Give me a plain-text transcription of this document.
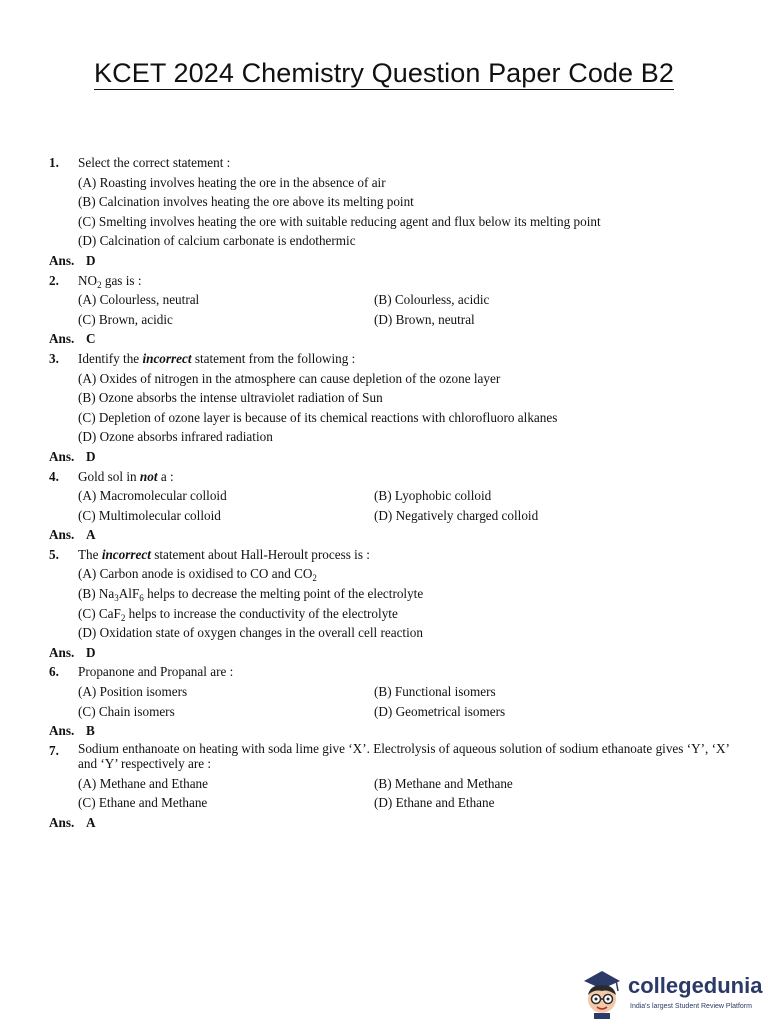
KCET 2024 Chemistry Question Paper Code B2
1. Select the correct statement :
(A) Roasting involves heating the ore in the absence of air
(B) Calcination involves heating the ore above its melting point
(C) Smelting involves heating the ore with suitable reducing agent and flux below its melting point
(D) Calcination of calcium carbonate is endothermic
Ans. D
2. $NO_2$ gas is :
(A) Colourless, neutral	(B) Colourless, acidic
(C) Brown, acidic	(D) Brown, neutral
Ans. C
3. Identify the incorrect statement from the following :
(A) Oxides of nitrogen in the atmosphere can cause depletion of the ozone layer
(B) Ozone absorbs the intense ultraviolet radiation of Sun
(C) Depletion of ozone layer is because of its chemical reactions with chlorofluoro alkanes
(D) Ozone absorbs infrared radiation
Ans. D
4. Gold sol in not a :
(A) Macromolecular colloid	(B) Lyophobic colloid
(C) Multimolecular colloid	(D) Negatively charged colloid
Ans. A
5. The incorrect statement about Hall-Heroult process is :
(A) Carbon anode is oxidised to CO and $CO_2$
(B) $Na_3AlF_6$ helps to decrease the melting point of the electrolyte
(C) CaF$_2$ helps to increase the conductivity of the electrolyte
(D) Oxidation state of oxygen changes in the overall cell reaction
Ans. D
6. Propanone and Propanal are :
(A) Position isomers	(B) Functional isomers
(C) Chain isomers	(D) Geometrical isomers
Ans. B
7. Sodium enthanoate on heating with soda lime give ‘X’. Electrolysis of aqueous solution of sodium ethanoate gives ‘Y’, ‘X’ and ‘Y’ respectively are :
(A) Methane and Ethane	(B) Methane and Methane
(C) Ethane and Methane	(D) Ethane and Ethane
Ans. A
collegedunia
India's largest Student Review Platform
